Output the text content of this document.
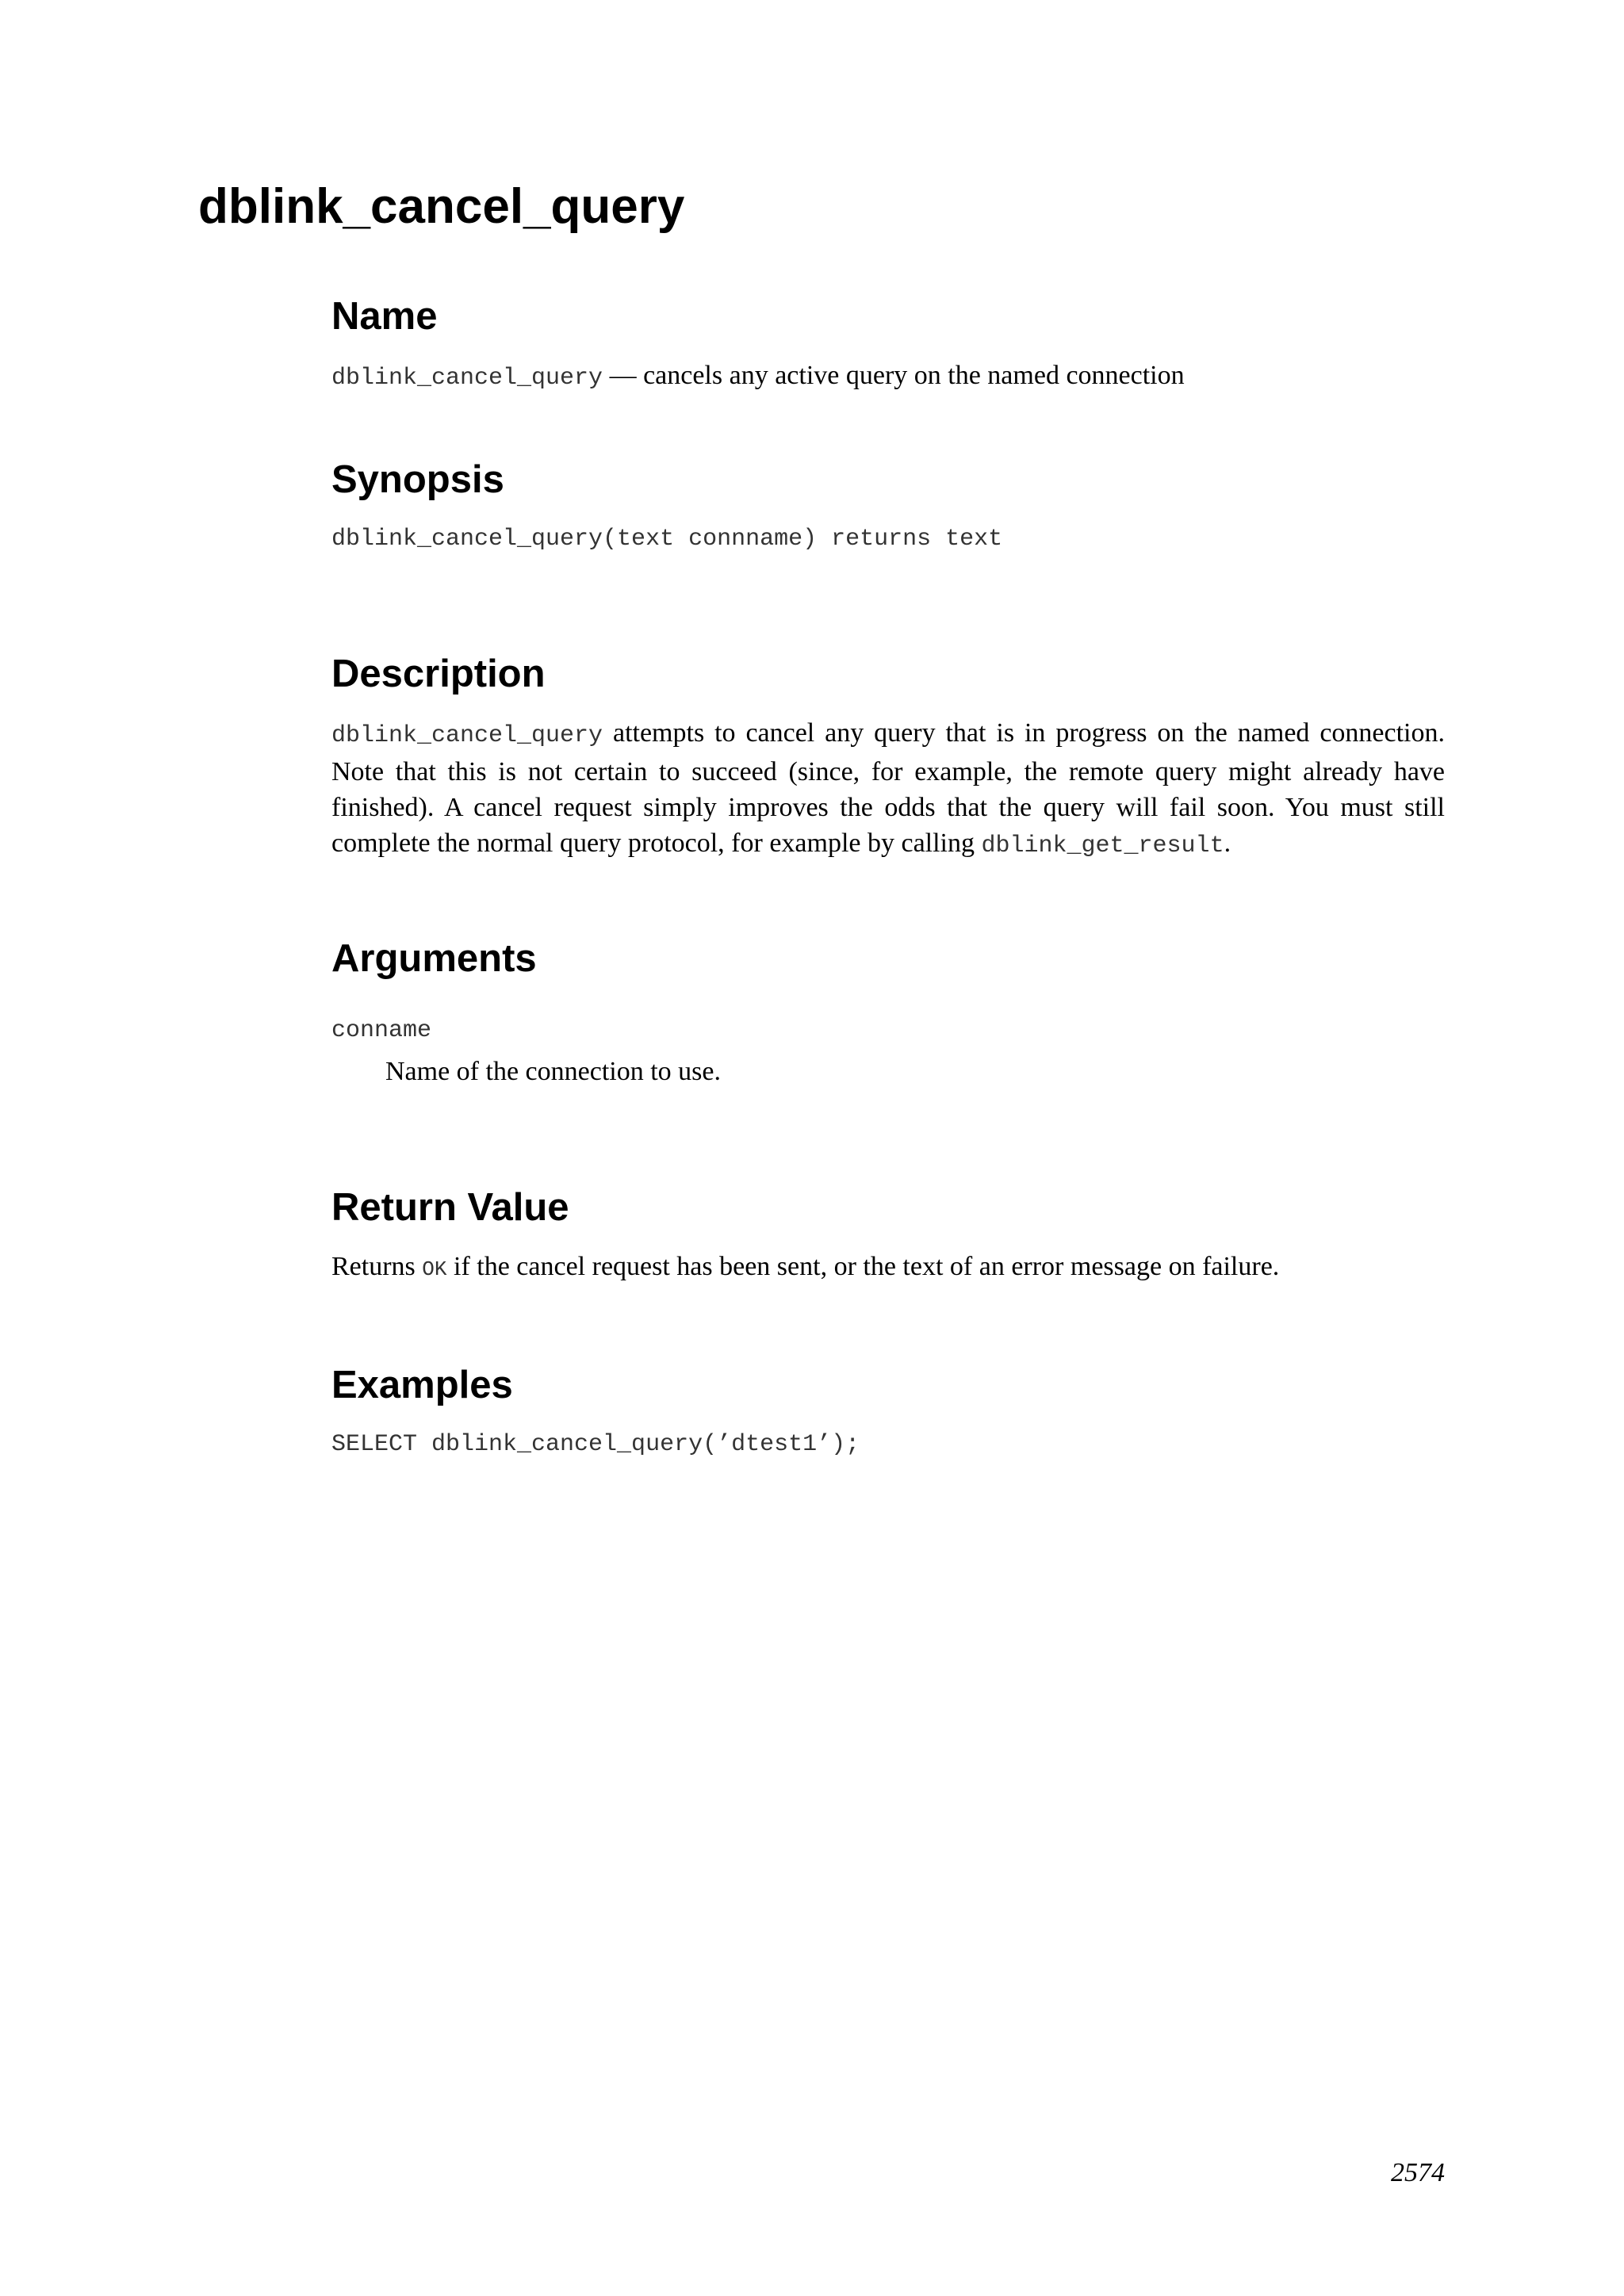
dblink_cancel_query
Name

dblink_cancel_query — cancels any active query on the named connection

Synopsis

dblink_cancel_query(text connname) returns text

Description

dblink_cancel_query attempts to cancel any query that is in progress on the named connection. Note that this is not certain to succeed (since, for example, the remote query might already have finished). A cancel request simply improves the odds that the query will fail soon. You must still complete the normal query protocol, for example by calling dblink_get_result.

Arguments

conname

Name of the connection to use.

Return Value

Returns OK if the cancel request has been sent, or the text of an error message on failure.

Examples

SELECT dblink_cancel_query(’dtest1’);

2574
